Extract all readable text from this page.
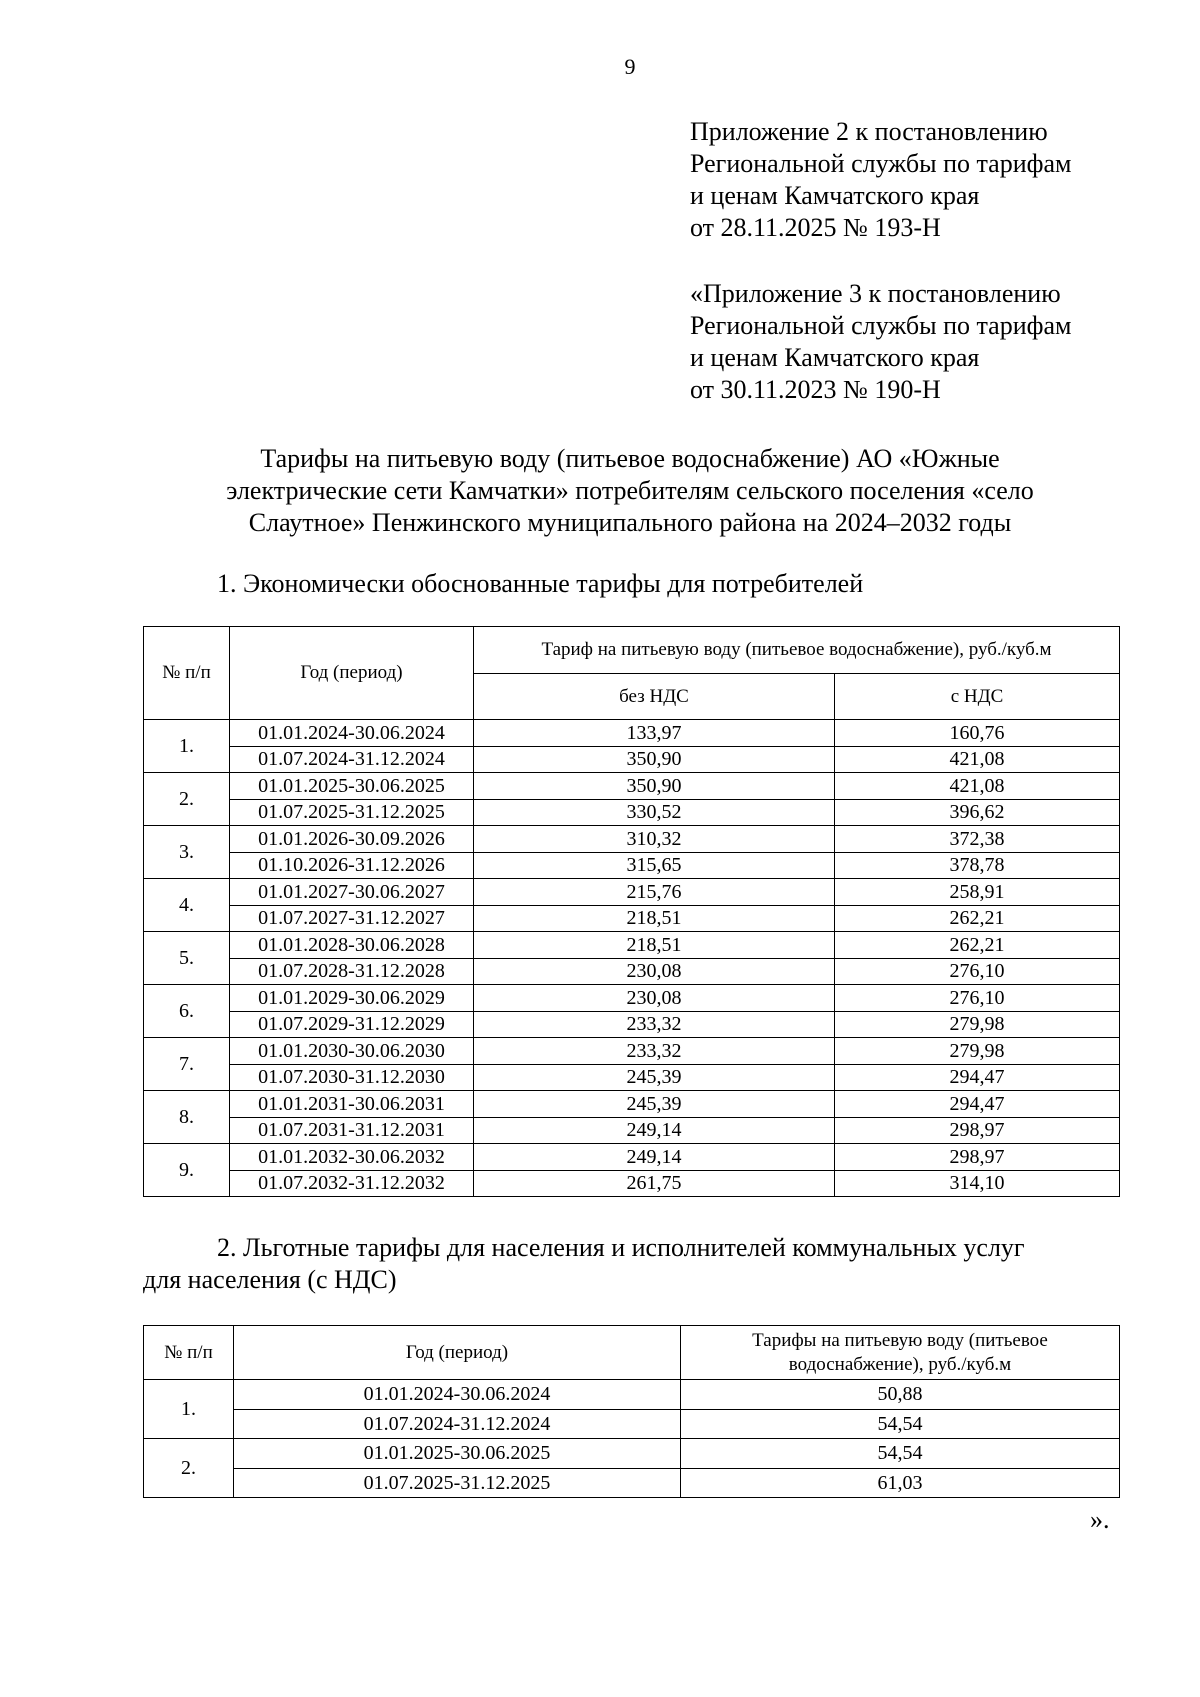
9
Приложение 2 к постановлению
Региональной службы по тарифам
и ценам Камчатского края
от 28.11.2025 № 193-Н
«Приложение 3 к постановлению
Региональной службы по тарифам
и ценам Камчатского края
от 30.11.2023 № 190-Н
Тарифы на питьевую воду (питьевое водоснабжение) АО «Южные
электрические сети Камчатки» потребителям сельского поселения «село
Слаутное» Пенжинского муниципального района на 2024–2032 годы
1. Экономически обоснованные тарифы для потребителей
№ п/п	Год (период)	Тариф на питьевую воду (питьевое водоснабжение), руб./куб.м	
		без НДС	с НДС
1.	01.01.2024-30.06.2024	133,97	160,76
	01.07.2024-31.12.2024	350,90	421,08
2.	01.01.2025-30.06.2025	350,90	421,08
	01.07.2025-31.12.2025	330,52	396,62
3.	01.01.2026-30.09.2026	310,32	372,38
	01.10.2026-31.12.2026	315,65	378,78
4.	01.01.2027-30.06.2027	215,76	258,91
	01.07.2027-31.12.2027	218,51	262,21
5.	01.01.2028-30.06.2028	218,51	262,21
	01.07.2028-31.12.2028	230,08	276,10
6.	01.01.2029-30.06.2029	230,08	276,10
	01.07.2029-31.12.2029	233,32	279,98
7.	01.01.2030-30.06.2030	233,32	279,98
	01.07.2030-31.12.2030	245,39	294,47
8.	01.01.2031-30.06.2031	245,39	294,47
	01.07.2031-31.12.2031	249,14	298,97
9.	01.01.2032-30.06.2032	249,14	298,97
	01.07.2032-31.12.2032	261,75	314,10
2. Льготные тарифы для населения и исполнителей коммунальных услуг
для населения (с НДС)
№ п/п	Год (период)	Тарифы на питьевую воду (питьевое
водоснабжение), руб./куб.м

1.	01.01.2024-30.06.2024	50,88
	01.07.2024-31.12.2024	54,54
2.	01.01.2025-30.06.2025	54,54
	01.07.2025-31.12.2025	61,03
».
